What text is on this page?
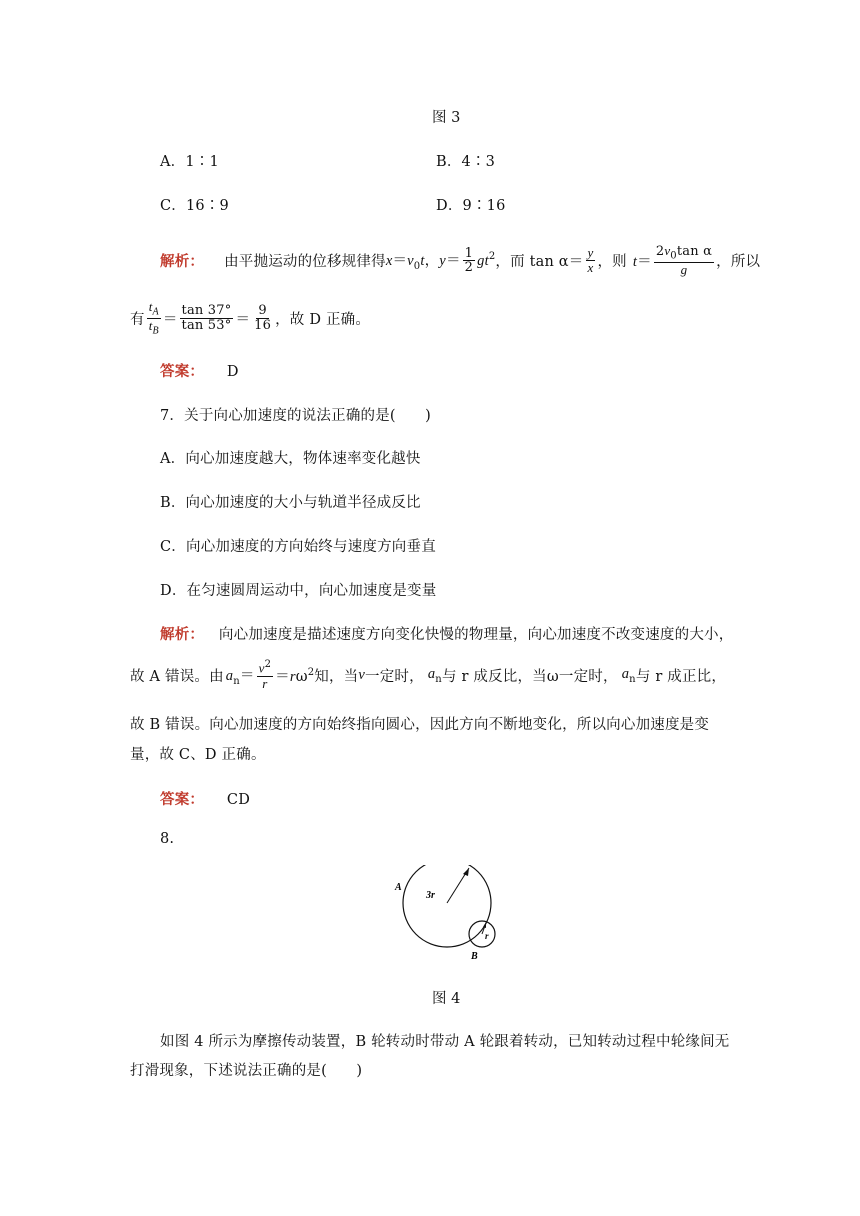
图 3
A．1∶1	B．4∶3
C．16∶9	D．9∶16
解析： 由平抛运动的位移规律得 $x=v_0t$，$y= \frac{1}{2} gt^2$ ，而 $\tan \alpha= \frac{y}{x}$ ，则 $t= \frac{2v_0\tan \alpha}{g}$ ，所以
有 $\frac{t_A}{t_B} = \frac{\tan 37^\circ}{\tan 53^\circ} = \frac{9}{16}$ ，故 D 正确。
答案： D
7．关于向心加速度的说法正确的是(　　)
A．向心加速度越大，物体速率变化越快
B．向心加速度的大小与轨道半径成反比
C．向心加速度的方向始终与速度方向垂直
D．在匀速圆周运动中，向心加速度是变量
解析： 向心加速度是描述速度方向变化快慢的物理量，向心加速度不改变速度的大小，
故 A 错误。由 $a_n= \frac{v^2}{r} =r\omega^2$ 知，当 v 一定时， $a_n$ 与 r 成反比，当ω一定时， $a_n$ 与 r 成正比，
故 B 错误。向心加速度的方向始终指向圆心，因此方向不断地变化，所以向心加速度是变
量，故 C、D 正确。
答案： CD
8.
A
3r
r
B
图 4
如图 4 所示为摩擦传动装置，B 轮转动时带动 A 轮跟着转动，已知转动过程中轮缘间无
打滑现象，下述说法正确的是(　　)
